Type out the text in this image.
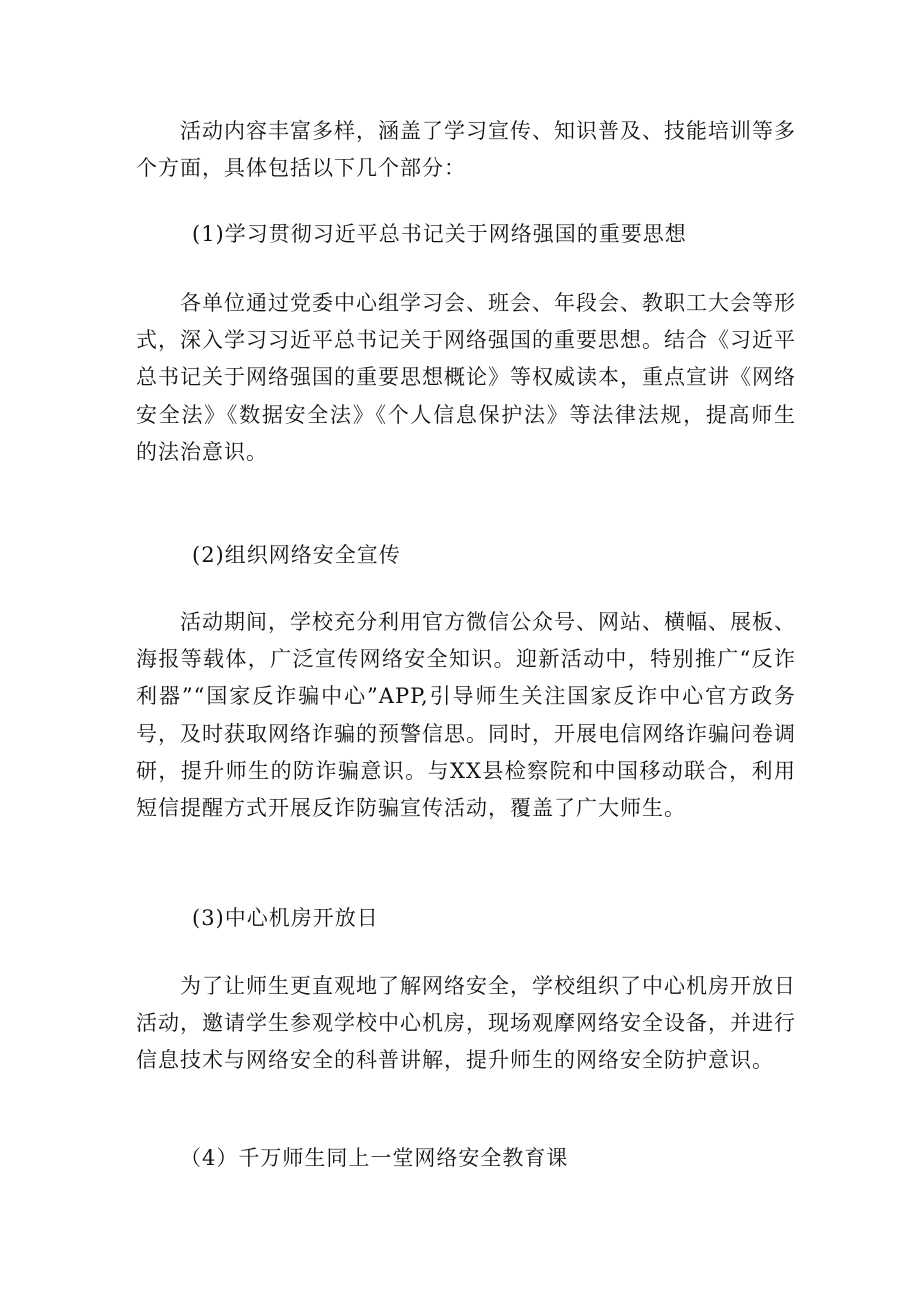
活动内容丰富多样，涵盖了学习宣传、知识普及、技能培训等多个方面，具体包括以下几个部分：

(1)学习贯彻习近平总书记关于网络强国的重要思想

各单位通过党委中心组学习会、班会、年段会、教职工大会等形式，深入学习习近平总书记关于网络强国的重要思想。结合《习近平总书记关于网络强国的重要思想概论》等权威读本，重点宣讲《网络安全法》《数据安全法》《个人信息保护法》等法律法规，提高师生的法治意识。

(2)组织网络安全宣传

活动期间，学校充分利用官方微信公众号、网站、横幅、展板、海报等载体，广泛宣传网络安全知识。迎新活动中，特别推广“反诈利器”“国家反诈骗中心”APP,引导师生关注国家反诈中心官方政务号，及时获取网络诈骗的预警信思。同时，开展电信网络诈骗问卷调研，提升师生的防诈骗意识。与XX县检察院和中国移动联合，利用短信提醒方式开展反诈防骗宣传活动，覆盖了广大师生。

(3)中心机房开放日

为了让师生更直观地了解网络安全，学校组织了中心机房开放日活动，邀请学生参观学校中心机房，现场观摩网络安全设备，并进行信息技术与网络安全的科普讲解，提升师生的网络安全防护意识。

（4）千万师生同上一堂网络安全教育课
